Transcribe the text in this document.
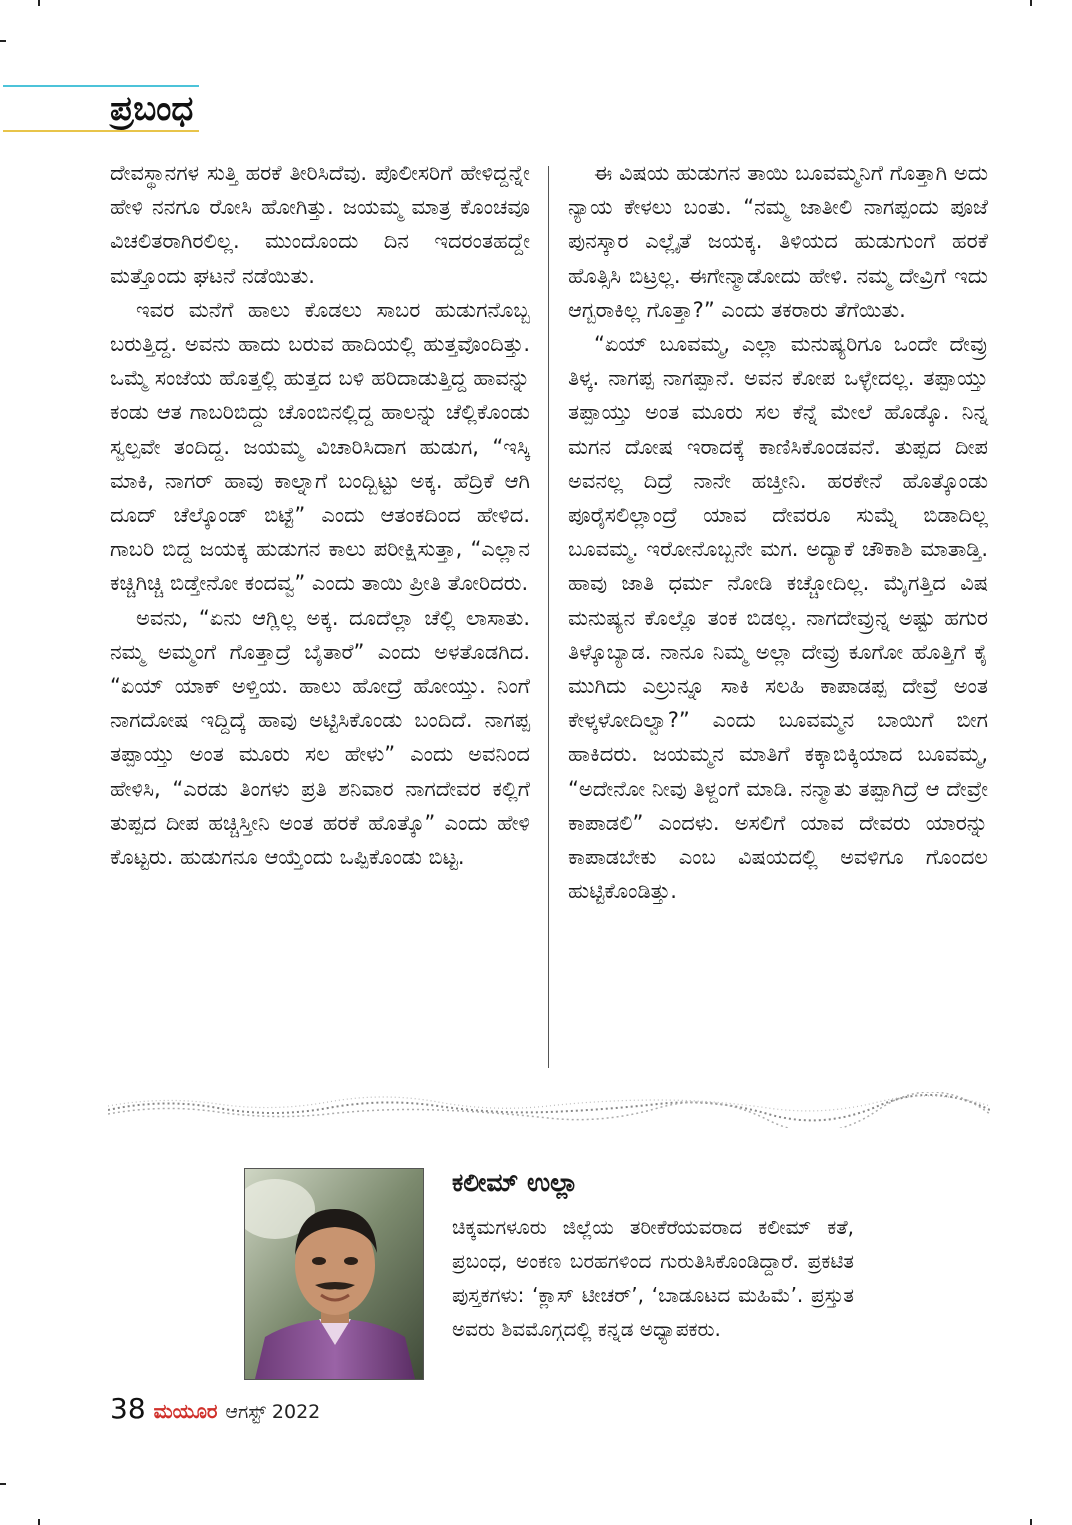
ಪ್ರಬಂಧ

ದೇವಸ್ಥಾನಗಳ ಸುತ್ತಿ ಹರಕೆ ತೀರಿಸಿದೆವು. ಪೊಲೀಸರಿಗೆ ಹೇಳಿದ್ದನ್ನೇ ಹೇಳಿ ನನಗೂ ರೋಸಿ ಹೋಗಿತ್ತು. ಜಯಮ್ಮ ಮಾತ್ರ ಕೊಂಚವೂ ವಿಚಲಿತರಾಗಿರಲಿಲ್ಲ. ಮುಂದೊಂದು ದಿನ ಇದರಂತಹದ್ದೇ ಮತ್ತೊಂದು ಘಟನೆ ನಡೆಯಿತು.

ಇವರ ಮನೆಗೆ ಹಾಲು ಕೊಡಲು ಸಾಬರ ಹುಡುಗನೊಬ್ಬ ಬರುತ್ತಿದ್ದ. ಅವನು ಹಾದು ಬರುವ ಹಾದಿಯಲ್ಲಿ ಹುತ್ತವೊಂದಿತ್ತು. ಒಮ್ಮೆ ಸಂಜೆಯ ಹೊತ್ತಲ್ಲಿ ಹುತ್ತದ ಬಳಿ ಹರಿದಾಡುತ್ತಿದ್ದ ಹಾವನ್ನು ಕಂಡು ಆತ ಗಾಬರಿಬಿದ್ದು ಚೊಂಬಿನಲ್ಲಿದ್ದ ಹಾಲನ್ನು ಚೆಲ್ಲಿಕೊಂಡು ಸ್ವಲ್ಪವೇ ತಂದಿದ್ದ. ಜಯಮ್ಮ ವಿಚಾರಿಸಿದಾಗ ಹುಡುಗ, “ಇಸ್ಕಿ ಮಾಕಿ, ನಾಗರ್ ಹಾವು ಕಾಲ್ನಾಗೆ ಬಂದ್ಬಿಟ್ಟು ಅಕ್ಕ. ಹೆದ್ರಿಕೆ ಆಗಿ ದೂದ್ ಚೆಲ್ಕೊಂಡ್ ಬಿಟ್ಟೆ” ಎಂದು ಆತಂಕದಿಂದ ಹೇಳಿದ. ಗಾಬರಿ ಬಿದ್ದ ಜಯಕ್ಕ ಹುಡುಗನ ಕಾಲು ಪರೀಕ್ಷಿಸುತ್ತಾ, “ಎಲ್ಲಾನ ಕಚ್ಚಿಗಿಚ್ಚಿ ಬಿಡ್ತೇನೋ ಕಂದವ್ವ” ಎಂದು ತಾಯಿ ಪ್ರೀತಿ ತೋರಿದರು.

ಅವನು, “ಏನು ಆಗ್ಲಿಲ್ಲ ಅಕ್ಕ. ದೂದೆಲ್ಲಾ ಚೆಲ್ಲಿ ಲಾಸಾತು. ನಮ್ಮ ಅಮ್ಮಂಗೆ ಗೊತ್ತಾದ್ರೆ ಬೈತಾರೆ” ಎಂದು ಅಳತೊಡಗಿದ. “ಏಯ್ ಯಾಕ್ ಅಳ್ತಿಯ. ಹಾಲು ಹೋದ್ರೆ ಹೋಯ್ತು. ನಿಂಗೆ ನಾಗದೋಷ ಇದ್ದಿದ್ಕೆ ಹಾವು ಅಟ್ಟಿಸಿಕೊಂಡು ಬಂದಿದೆ. ನಾಗಪ್ಪ ತಪ್ಪಾಯ್ತು ಅಂತ ಮೂರು ಸಲ ಹೇಳು” ಎಂದು ಅವನಿಂದ ಹೇಳಿಸಿ, “ಎರಡು ತಿಂಗಳು ಪ್ರತಿ ಶನಿವಾರ ನಾಗದೇವರ ಕಲ್ಲಿಗೆ ತುಪ್ಪದ ದೀಪ ಹಚ್ಚಿಸ್ತೀನಿ ಅಂತ ಹರಕೆ ಹೊತ್ಕೊ” ಎಂದು ಹೇಳಿ ಕೊಟ್ಟರು. ಹುಡುಗನೂ ಆಯ್ತೆಂದು ಒಪ್ಪಿಕೊಂಡು ಬಿಟ್ಟ.

ಈ ವಿಷಯ ಹುಡುಗನ ತಾಯಿ ಬೂವಮ್ಮನಿಗೆ ಗೊತ್ತಾಗಿ ಅದು ನ್ಯಾಯ ಕೇಳಲು ಬಂತು. “ನಮ್ಮ ಜಾತೀಲಿ ನಾಗಪ್ಪಂದು ಪೂಜೆ ಪುನಸ್ಕಾರ ಎಲ್ಲೈತೆ ಜಯಕ್ಕ. ತಿಳಿಯದ ಹುಡುಗುಂಗೆ ಹರಕೆ ಹೊತ್ಸಿಸಿ ಬಿಟ್ರಲ್ಲ. ಈಗೇನ್ಮಾಡೋದು ಹೇಳಿ. ನಮ್ಮ ದೇವ್ರಿಗೆ ಇದು ಆಗ್ಬರಾಕಿಲ್ಲ ಗೊತ್ತಾ?” ಎಂದು ತಕರಾರು ತೆಗೆಯಿತು.

“ಏಯ್ ಬೂವಮ್ಮ, ಎಲ್ಲಾ ಮನುಷ್ಯರಿಗೂ ಒಂದೇ ದೇವ್ರು ತಿಳ್ಕ. ನಾಗಪ್ಪ ನಾಗಪ್ಪಾನೆ. ಅವನ ಕೋಪ ಒಳ್ಳೇದಲ್ಲ. ತಪ್ಪಾಯ್ತು ತಪ್ಪಾಯ್ತು ಅಂತ ಮೂರು ಸಲ ಕೆನ್ನೆ ಮೇಲೆ ಹೊಡ್ಕೊ. ನಿನ್ನ ಮಗನ ದೋಷ ಇರಾದಕ್ಕೆ ಕಾಣಿಸಿಕೊಂಡವನೆ. ತುಪ್ಪದ ದೀಪ ಅವನಲ್ಲ ದಿದ್ರೆ ನಾನೇ ಹಚ್ತೀನಿ. ಹರಕೇನೆ ಹೊತ್ಕೊಂಡು ಪೂರೈಸಲಿಲ್ಲಾಂದ್ರೆ ಯಾವ ದೇವರೂ ಸುಮ್ನೆ ಬಿಡಾದಿಲ್ಲ ಬೂವಮ್ಮ. ಇರೋನೊಬ್ಬನೇ ಮಗ. ಅದ್ಯಾಕೆ ಚೌಕಾಶಿ ಮಾತಾಡ್ತಿ. ಹಾವು ಜಾತಿ ಧರ್ಮ ನೋಡಿ ಕಚ್ಚೋದಿಲ್ಲ. ಮೈಗತ್ತಿದ ವಿಷ ಮನುಷ್ಯನ ಕೊಲ್ಲೊ ತಂಕ ಬಿಡಲ್ಲ. ನಾಗದೇವ್ರುನ್ನ ಅಷ್ಟು ಹಗುರ ತಿಳ್ಕೊಬ್ಯಾಡ. ನಾನೂ ನಿಮ್ಮ ಅಲ್ಲಾ ದೇವ್ರು ಕೂಗೋ ಹೊತ್ತಿಗೆ ಕೈ ಮುಗಿದು ಎಲ್ರುನ್ನೂ ಸಾಕಿ ಸಲಹಿ ಕಾಪಾಡಪ್ಪ ದೇವ್ರೆ ಅಂತ ಕೇಳ್ಕಳೋದಿಲ್ವಾ?” ಎಂದು ಬೂವಮ್ಮನ ಬಾಯಿಗೆ ಬೀಗ ಹಾಕಿದರು. ಜಯಮ್ಮನ ಮಾತಿಗೆ ಕಕ್ಕಾಬಿಕ್ಕಿಯಾದ ಬೂವಮ್ಮ, “ಅದೇನೋ ನೀವು ತಿಳ್ದಂಗೆ ಮಾಡಿ. ನನ್ಮಾತು ತಪ್ಪಾಗಿದ್ರೆ ಆ ದೇವ್ರೇ ಕಾಪಾಡಲಿ” ಎಂದಳು. ಅಸಲಿಗೆ ಯಾವ ದೇವರು ಯಾರನ್ನು ಕಾಪಾಡಬೇಕು ಎಂಬ ವಿಷಯದಲ್ಲಿ ಅವಳಿಗೂ ಗೊಂದಲ ಹುಟ್ಟಿಕೊಂಡಿತ್ತು.

ಕಲೀಮ್ ಉಲ್ಲಾ
ಚಿಕ್ಕಮಗಳೂರು ಜಿಲ್ಲೆಯ ತರೀಕೆರೆಯವರಾದ ಕಲೀಮ್ ಕತೆ, ಪ್ರಬಂಧ, ಅಂಕಣ ಬರಹಗಳಿಂದ ಗುರುತಿಸಿಕೊಂಡಿದ್ದಾರೆ. ಪ್ರಕಟಿತ ಪುಸ್ತಕಗಳು: ‘ಕ್ಲಾಸ್ ಟೀಚರ್’, ‘ಬಾಡೂಟದ ಮಹಿಮೆ’. ಪ್ರಸ್ತುತ ಅವರು ಶಿವಮೊಗ್ಗದಲ್ಲಿ ಕನ್ನಡ ಅಧ್ಯಾಪಕರು.
38 ಮಯೂರ ಆಗಸ್ಟ್ 2022
